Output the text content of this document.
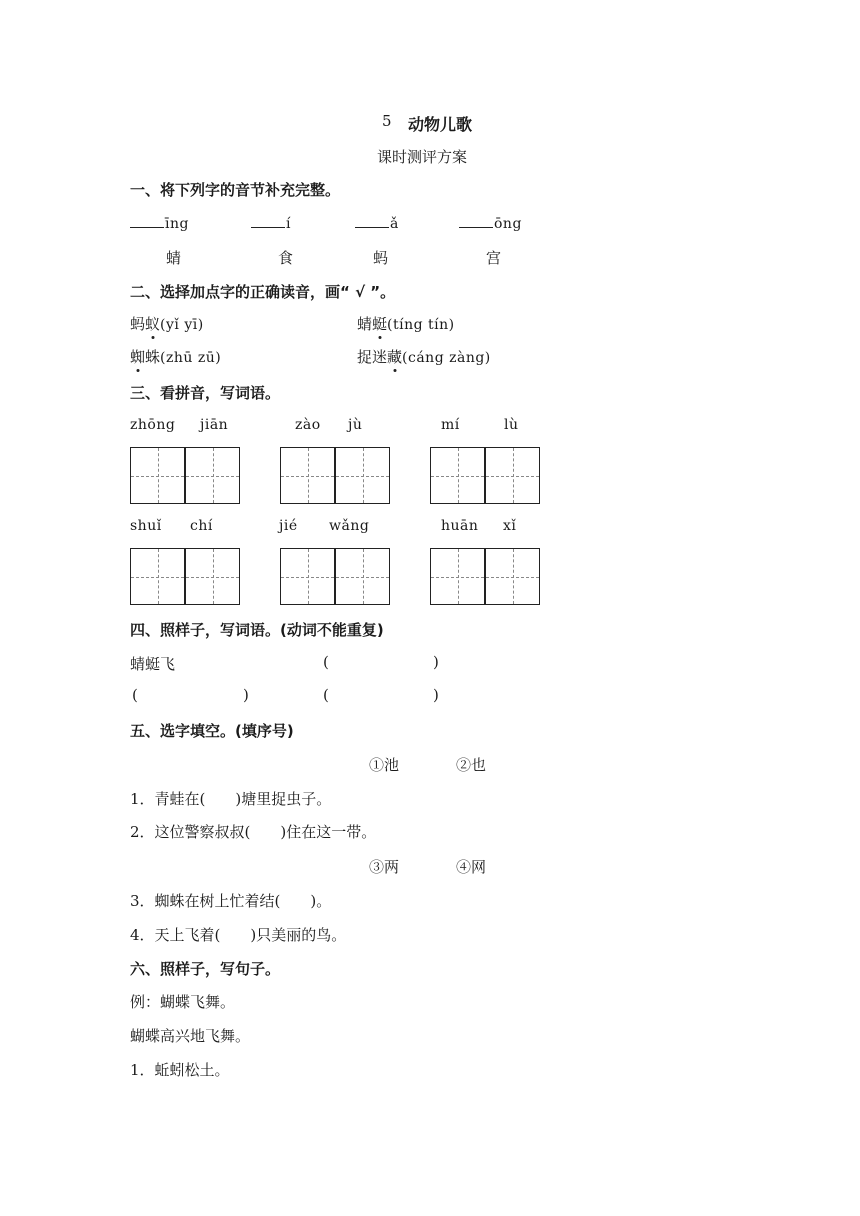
5 动物儿歌
课时测评方案
一、将下列字的音节补充完整。
īng	í	ǎ	ōng
蜻	食	蚂	宫
二、选择加点字的正确读音，画“ √ ”。
蚂蚁(yǐ yī)	蜻蜓(tíng tín)
蜘蛛(zhū zū)	捉迷藏(cáng zàng)
三、看拼音，写词语。
zhōng jiān	zào jù	mí	lù
shuǐ chí	jié wǎng	huān xǐ
四、照样子，写词语。(动词不能重复)
蜻蜓飞	(	)
(	)	(	)
五、选字填空。(填序号)
①池	②也
1．青蛙在(　　)塘里捉虫子。
2．这位警察叔叔(　　)住在这一带。
③两	④网
3．蜘蛛在树上忙着结(　　)。
4．天上飞着(　　)只美丽的鸟。
六、照样子，写句子。
例：蝴蝶飞舞。
蝴蝶高兴地飞舞。
1．蚯蚓松土。
